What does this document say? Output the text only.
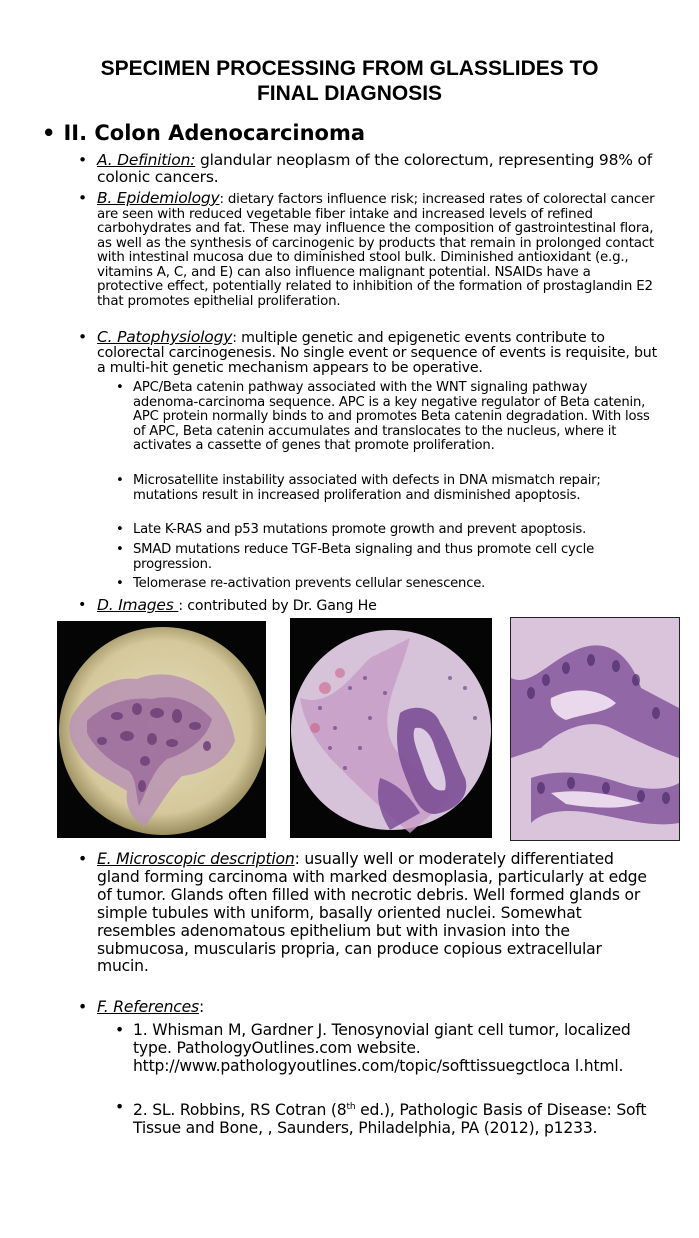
SPECIMEN PROCESSING FROM GLASSLIDES TO
FINAL DIAGNOSIS
• II. Colon Adenocarcinoma
• A. Definition: glandular neoplasm of the colorectum, representing 98% of colonic cancers.
• B. Epidemiology: dietary factors influence risk; increased rates of colorectal cancer are seen with reduced vegetable fiber intake and increased levels of refined carbohydrates and fat. These may influence the composition of gastrointestinal flora, as well as the synthesis of carcinogenic by products that remain in prolonged contact with intestinal mucosa due to diminished stool bulk. Diminished antioxidant (e.g., vitamins A, C, and E) can also influence malignant potential. NSAIDs have a protective effect, potentially related to inhibition of the formation of prostaglandin E2 that promotes epithelial proliferation.
• C. Patophysiology: multiple genetic and epigenetic events contribute to colorectal carcinogenesis. No single event or sequence of events is requisite, but a multi-hit genetic mechanism appears to be operative.
• APC/Beta catenin pathway associated with the WNT signaling pathway adenoma-carcinoma sequence. APC is a key negative regulator of Beta catenin, APC protein normally binds to and promotes Beta catenin degradation. With loss of APC, Beta catenin accumulates and translocates to the nucleus, where it activates a cassette of genes that promote proliferation.
• Microsatellite instability associated with defects in DNA mismatch repair; mutations result in increased proliferation and disminished apoptosis.
• Late K-RAS and p53 mutations promote growth and prevent apoptosis.
• SMAD mutations reduce TGF-Beta signaling and thus promote cell cycle progression.
• Telomerase re-activation prevents cellular senescence.
• D. Images : contributed by Dr. Gang He
• E. Microscopic description: usually well or moderately differentiated gland forming carcinoma with marked desmoplasia, particularly at edge of tumor. Glands often filled with necrotic debris. Well formed glands or simple tubules with uniform, basally oriented nuclei. Somewhat resembles adenomatous epithelium but with invasion into the submucosa, muscularis propria, can produce copious extracellular mucin.
• F. References:
• 1. Whisman M, Gardner J. Tenosynovial giant cell tumor, localized type. PathologyOutlines.com website. http://www.pathologyoutlines.com/topic/softtissuegctloca l.html.
• 2. SL. Robbins, RS Cotran (8th ed.), Pathologic Basis of Disease: Soft Tissue and Bone, , Saunders, Philadelphia, PA (2012), p1233.
